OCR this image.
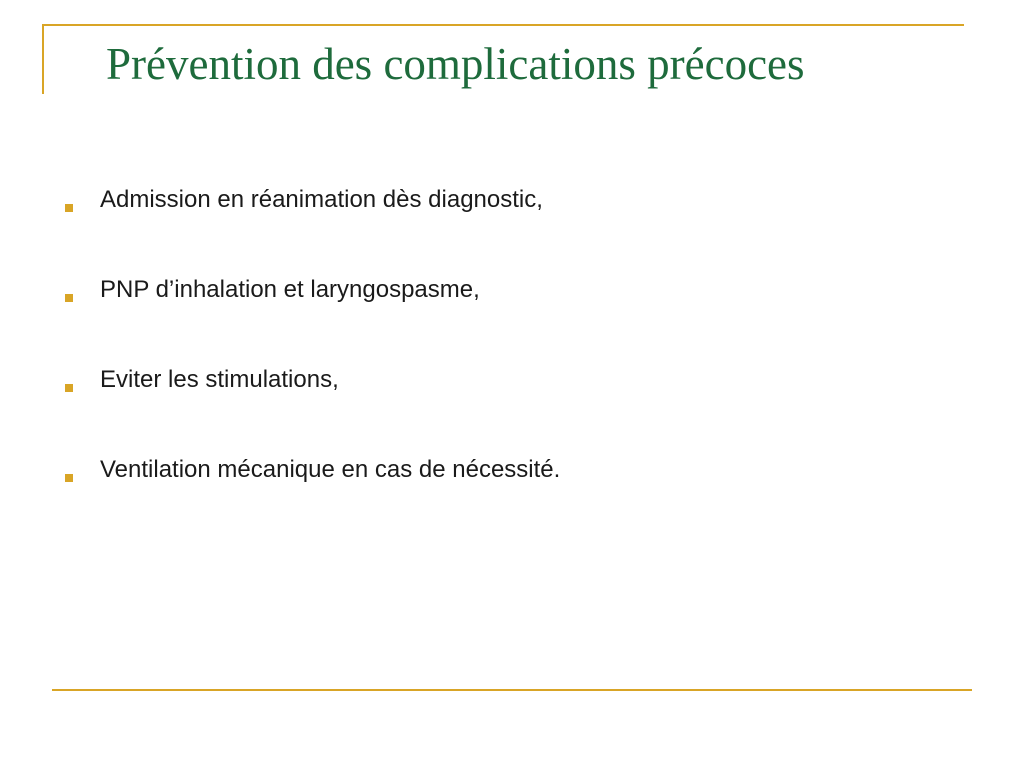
Prévention des complications précoces
Admission en réanimation dès diagnostic,
PNP d’inhalation et laryngospasme,
Eviter les stimulations,
Ventilation mécanique en cas de nécessité.
